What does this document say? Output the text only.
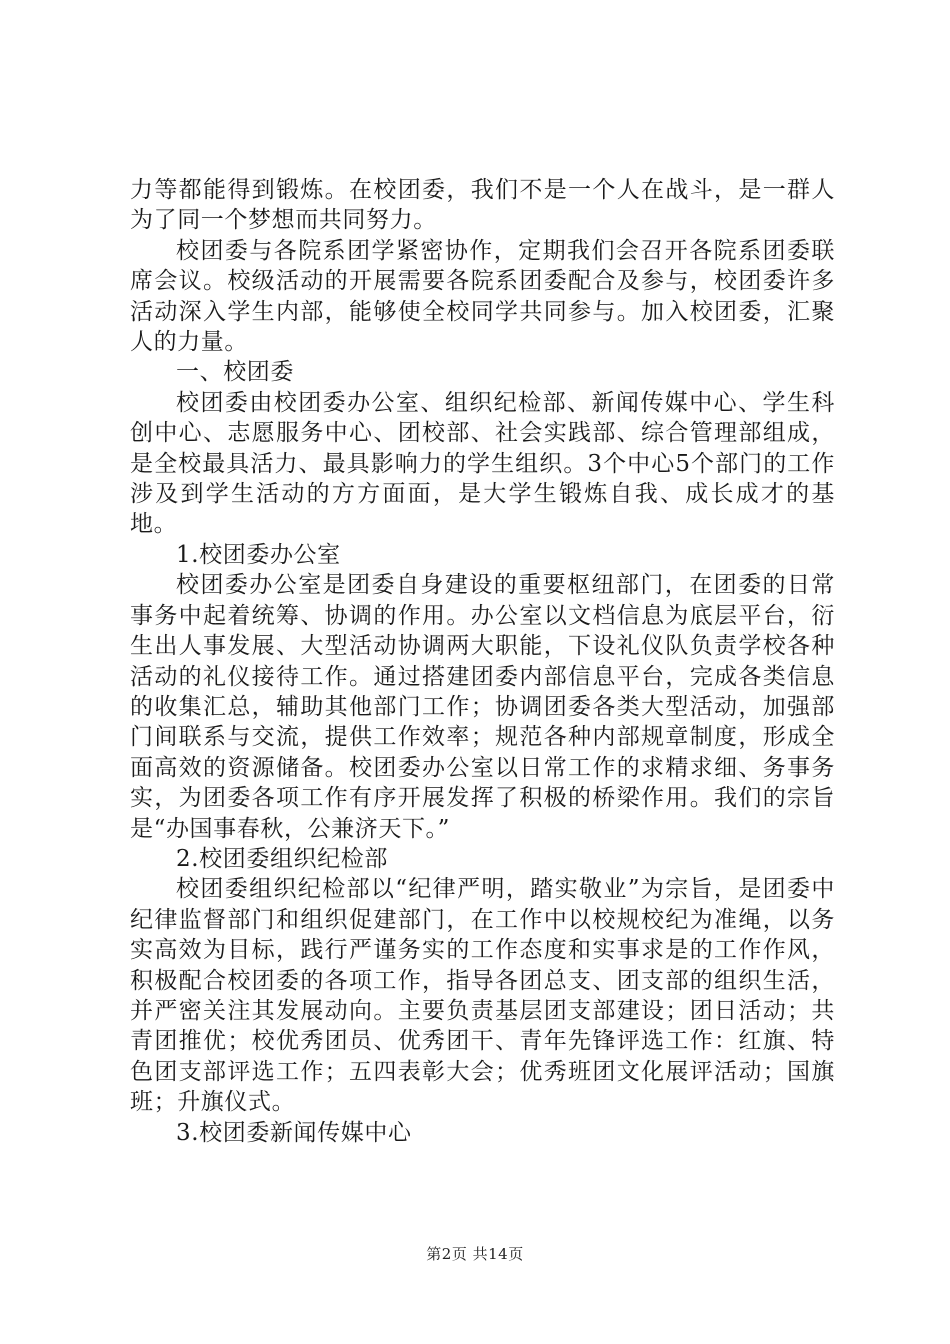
力等都能得到锻炼。在校团委，我们不是一个人在战斗，是一群人为了同一个梦想而共同努力。

校团委与各院系团学紧密协作，定期我们会召开各院系团委联席会议。校级活动的开展需要各院系团委配合及参与，校团委许多活动深入学生内部，能够使全校同学共同参与。加入校团委，汇聚人的力量。

一、校团委

校团委由校团委办公室、组织纪检部、新闻传媒中心、学生科创中心、志愿服务中心、团校部、社会实践部、综合管理部组成，是全校最具活力、最具影响力的学生组织。3个中心5个部门的工作涉及到学生活动的方方面面，是大学生锻炼自我、成长成才的基地。

1.校团委办公室

校团委办公室是团委自身建设的重要枢纽部门，在团委的日常事务中起着统筹、协调的作用。办公室以文档信息为底层平台，衍生出人事发展、大型活动协调两大职能，下设礼仪队负责学校各种活动的礼仪接待工作。通过搭建团委内部信息平台，完成各类信息的收集汇总，辅助其他部门工作；协调团委各类大型活动，加强部门间联系与交流，提供工作效率；规范各种内部规章制度，形成全面高效的资源储备。校团委办公室以日常工作的求精求细、务事务实，为团委各项工作有序开展发挥了积极的桥梁作用。我们的宗旨是“办国事春秋，公兼济天下。”

2.校团委组织纪检部

校团委组织纪检部以“纪律严明，踏实敬业”为宗旨，是团委中纪律监督部门和组织促建部门，在工作中以校规校纪为准绳，以务实高效为目标，践行严谨务实的工作态度和实事求是的工作作风，积极配合校团委的各项工作，指导各团总支、团支部的组织生活，并严密关注其发展动向。主要负责基层团支部建设；团日活动；共青团推优；校优秀团员、优秀团干、青年先锋评选工作：红旗、特色团支部评选工作；五四表彰大会；优秀班团文化展评活动；国旗班；升旗仪式。

3.校团委新闻传媒中心

第2页 共14页
